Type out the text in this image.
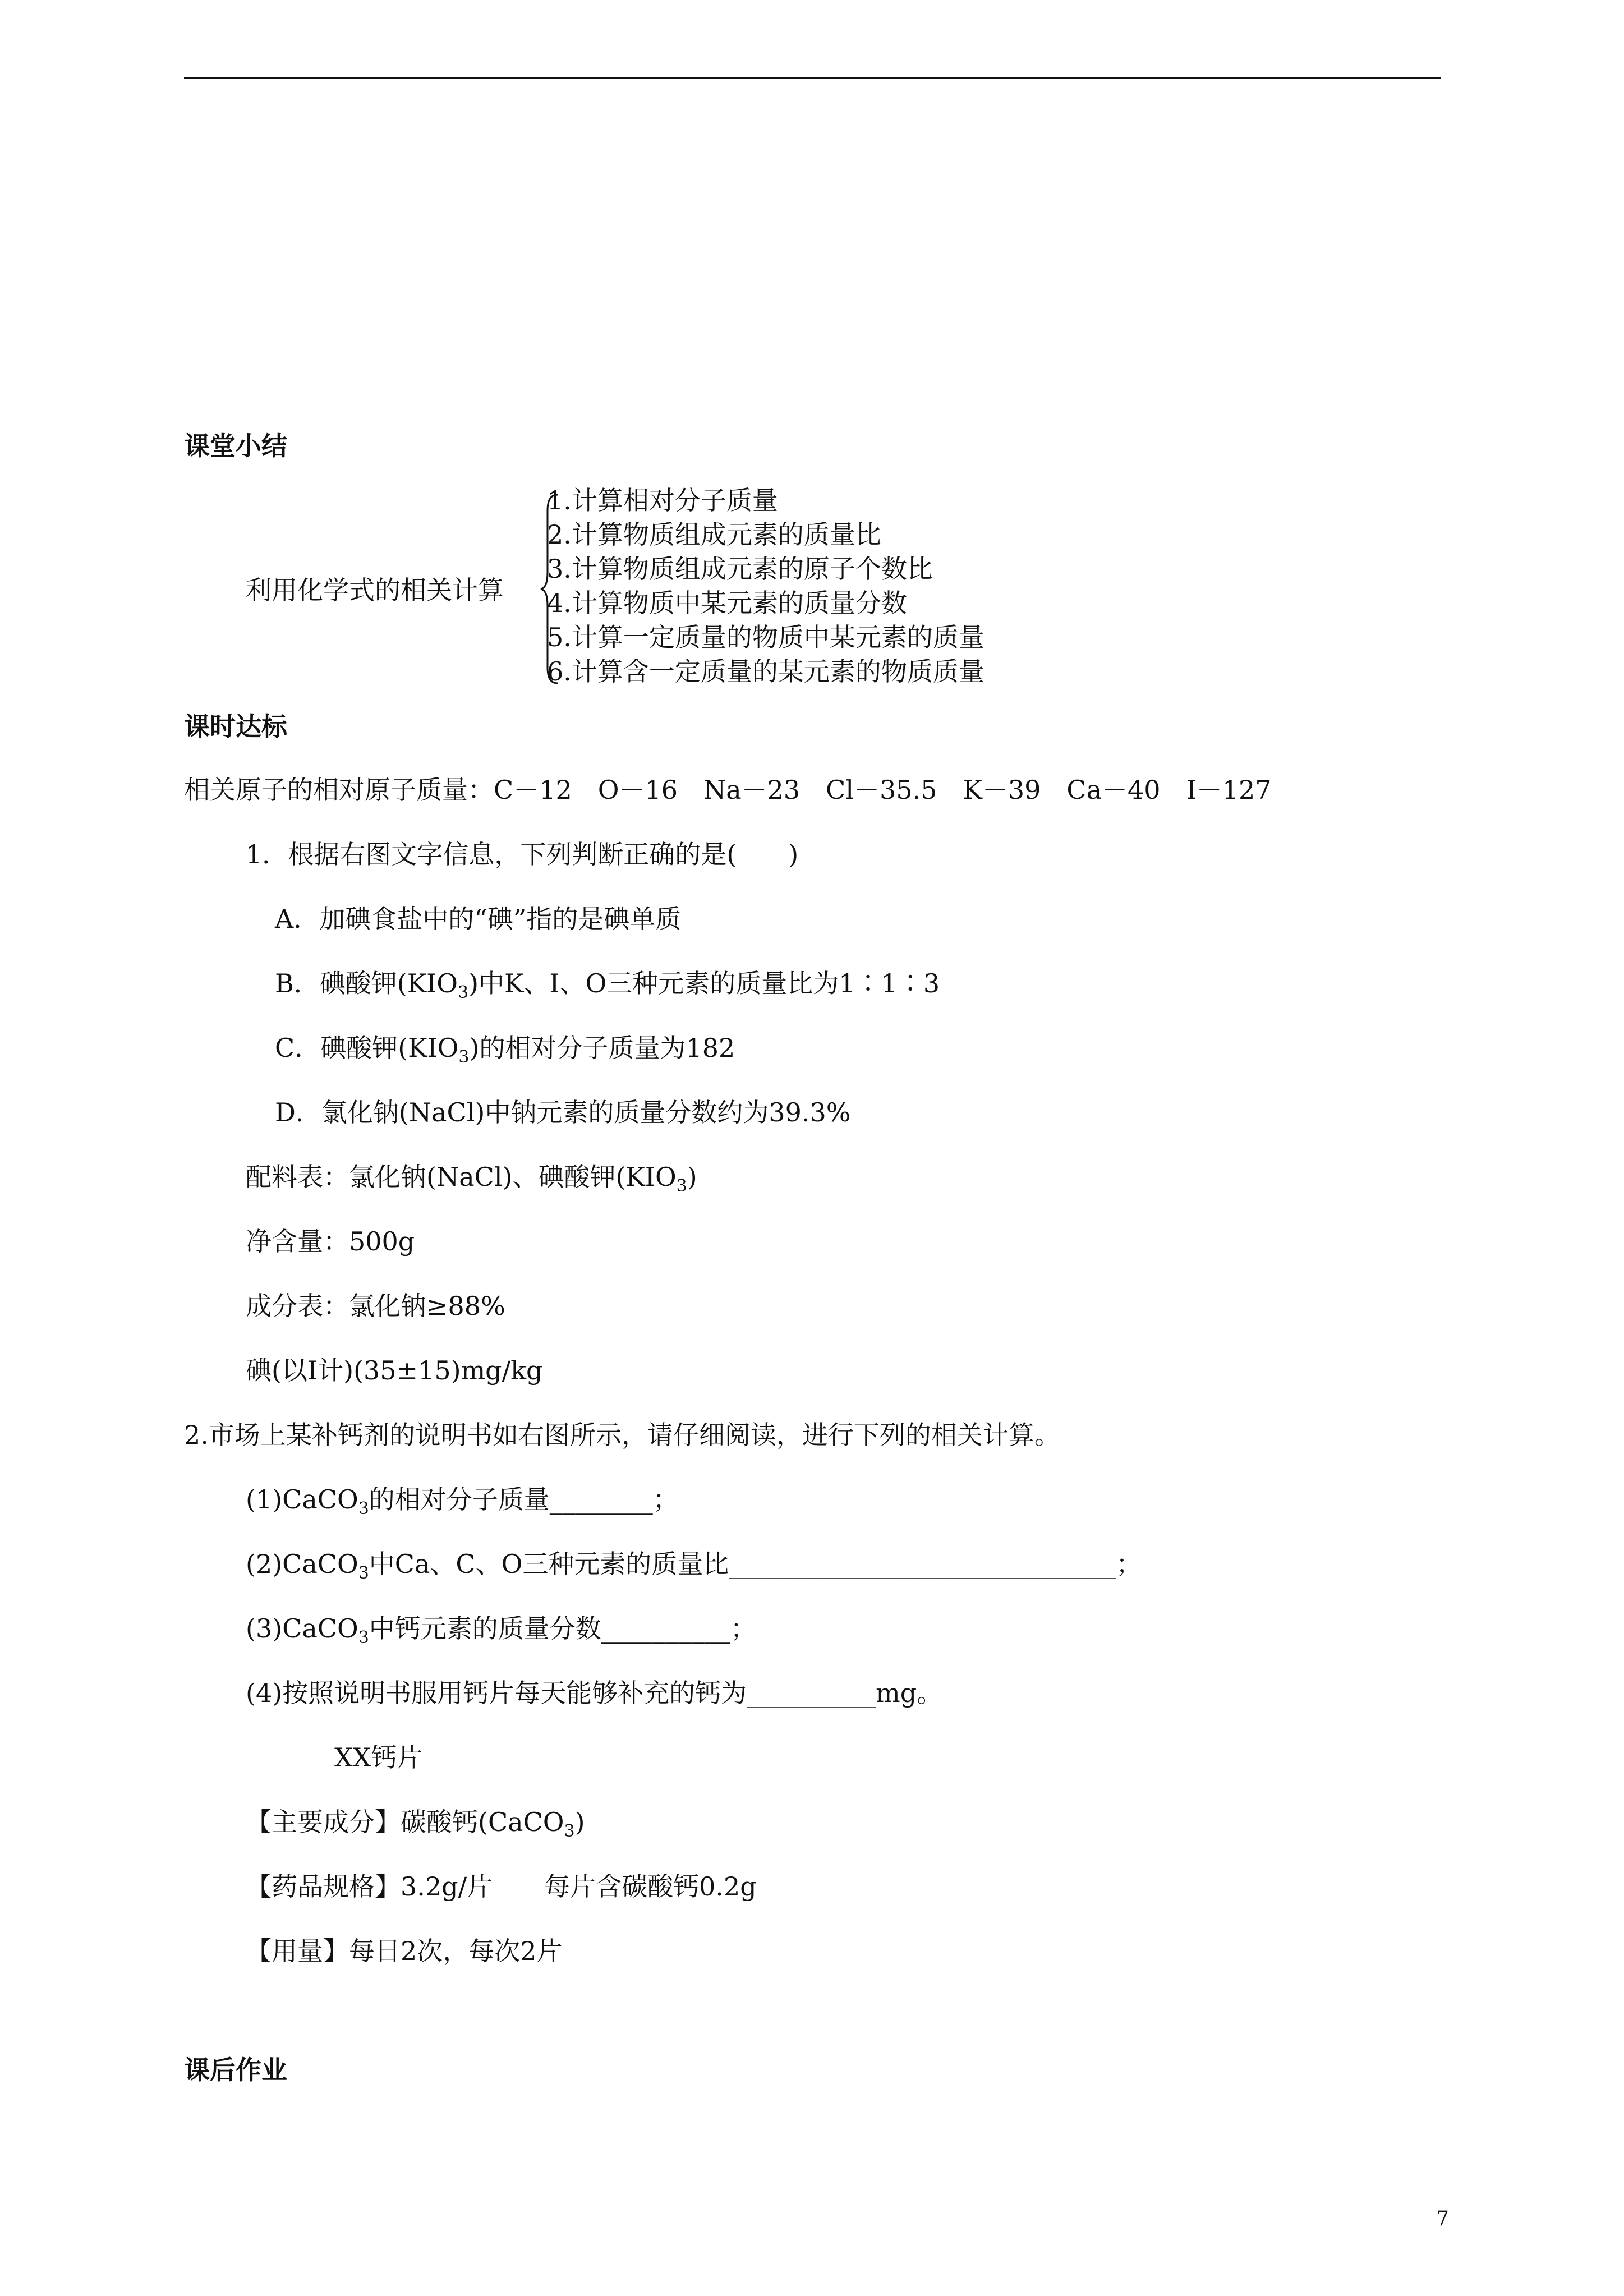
课堂小结
利用化学式的相关计算
1.计算相对分子质量
2.计算物质组成元素的质量比
3.计算物质组成元素的原子个数比
4.计算物质中某元素的质量分数
5.计算一定质量的物质中某元素的质量
6.计算含一定质量的某元素的物质质量
课时达标
相关原子的相对原子质量：C－12　O－16　Na－23　Cl－35.5　K－39　Ca－40　I－127
1．根据右图文字信息，下列判断正确的是(　　)
A．加碘食盐中的“碘”指的是碘单质
B．碘酸钾$(KIO_3)$中K、I、O三种元素的质量比为1∶1∶3
C．碘酸钾$(KIO_3)$的相对分子质量为182
D．氯化钠(NaCl)中钠元素的质量分数约为39.3%
配料表：氯化钠(NaCl)、碘酸钾$(KIO_3)$
净含量：500g
成分表：氯化钠≥88%
碘(以I计)(35±15)mg/kg
2.市场上某补钙剂的说明书如右图所示，请仔细阅读，进行下列的相关计算。
(1)CaCO$_3$的相对分子质量________；
(2)CaCO$_3$中Ca、C、O三种元素的质量比______________________________；
(3)CaCO$_3$中钙元素的质量分数__________；
(4)按照说明书服用钙片每天能够补充的钙为__________mg。
XX钙片
【主要成分】碳酸钙(CaCO$_3$)
【药品规格】3.2g/片　　每片含碳酸钙0.2g
【用量】每日2次，每次2片
课后作业
7
